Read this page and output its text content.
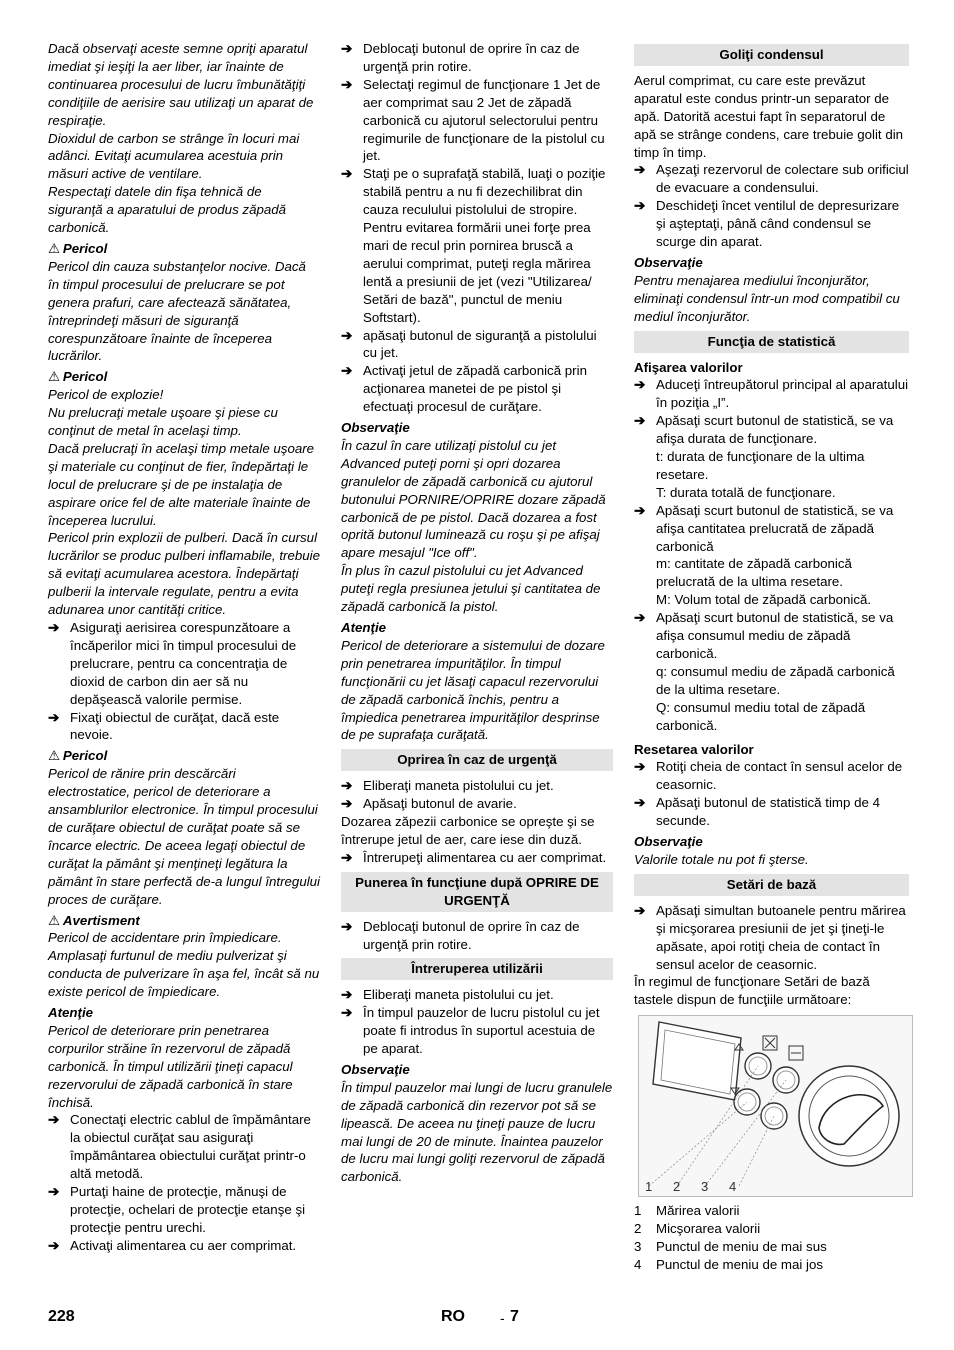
Dacă observaţi aceste semne opriţi aparatul imediat şi ieşiţi la aer liber, iar înainte de continuarea procesului de lucru îmbunătăţiţi condiţiile de aerisire sau utilizaţi un aparat de respiraţie.

Dioxidul de carbon se strânge în locuri mai adânci. Evitaţi acumularea acestuia prin măsuri active de ventilare.

Respectaţi datele din fişa tehnică de siguranţă a aparatului de produs zăpadă carbonică.

⚠ Pericol

Pericol din cauza substanţelor nocive. Dacă în timpul procesului de prelucrare se pot genera prafuri, care afectează sănătatea, întreprindeţi măsuri de siguranţă corespunzătoare înainte de începerea lucrărilor.

⚠ Pericol

Pericol de explozie!

Nu prelucraţi metale uşoare şi piese cu conţinut de metal în acelaşi timp.

Dacă prelucraţi în acelaşi timp metale uşoare şi materiale cu conţinut de fier, îndepărtaţi le locul de prelucrare şi de pe instalaţia de aspirare orice fel de alte materiale înainte de începerea lucrului.

Pericol prin explozii de pulberi. Dacă în cursul lucrărilor se produc pulberi inflamabile, trebuie să evitaţi acumularea acestora. Îndepărtaţi pulberii la intervale regulate, pentru a evita adunarea unor cantităţi critice.

➔ Asiguraţi aerisirea corespunzătoare a încăperilor mici în timpul procesului de prelucrare, pentru ca concentraţia de dioxid de carbon din aer să nu depăşească valorile permise.

➔ Fixaţi obiectul de curăţat, dacă este nevoie.

⚠ Pericol

Pericol de rănire prin descărcări electrostatice, pericol de deteriorare a ansamblurilor electronice. În timpul procesului de curăţare obiectul de curăţat poate să se încarce electric. De aceea legaţi obiectul de curăţat la pământ şi menţineţi legătura la pământ în stare perfectă de-a lungul întregului proces de curăţare.

⚠ Avertisment

Pericol de accidentare prin împiedicare. Amplasaţi furtunul de mediu pulverizat şi conducta de pulverizare în aşa fel, încât să nu existe pericol de împiedicare.

Atenţie

Pericol de deteriorare prin penetrarea corpurilor străine în rezervorul de zăpadă carbonică. În timpul utilizării ţineţi capacul rezervorului de zăpadă carbonică în stare închisă.

➔ Conectaţi electric cablul de împământare la obiectul curăţat sau asiguraţi împământarea obiectului curăţat printr-o altă metodă.

➔ Purtaţi haine de protecţie, mănuşi de protecţie, ochelari de protecţie etanşe şi protecţie pentru urechi.

➔ Activaţi alimentarea cu aer comprimat.

➔ Deblocaţi butonul de oprire în caz de urgenţă prin rotire.

➔ Selectaţi regimul de funcţionare 1 Jet de aer comprimat sau 2 Jet de zăpadă carbonică cu ajutorul selectorului pentru regimurile de funcţionare de la pistolul cu jet.

➔ Staţi pe o suprafaţă stabilă, luaţi o poziţie stabilă pentru a nu fi dezechilibrat din cauza reculului pistolului de stropire.

Pentru evitarea formării unei forţe prea mari de recul prin pornirea bruscă a aerului comprimat, puteţi regla mărirea lentă a presiunii de jet (vezi "Utilizarea/ Setări de bază", punctul de meniu Softstart).

➔ apăsaţi butonul de siguranţă a pistolului cu jet.

➔ Activaţi jetul de zăpadă carbonică prin acţionarea manetei de pe pistol şi efectuaţi procesul de curăţare.

Observaţie

În cazul în care utilizaţi pistolul cu jet Advanced puteţi porni şi opri dozarea granulelor de zăpadă carbonică cu ajutorul butonului PORNIRE/OPRIRE dozare zăpadă carbonică de pe pistol. Dacă dozarea a fost oprită butonul luminează cu roşu şi pe afişaj apare mesajul "Ice off".

În plus în cazul pistolului cu jet Advanced puteţi regla presiunea jetului şi cantitatea de zăpadă carbonică la pistol.

Atenţie

Pericol de deteriorare a sistemului de dozare prin penetrarea impurităţilor. În timpul funcţionării cu jet lăsaţi capacul rezervorului de zăpadă carbonică închis, pentru a împiedica penetrarea impurităţilor desprinse de pe suprafaţa curăţată.

Oprirea în caz de urgenţă

➔ Eliberaţi maneta pistolului cu jet.

➔ Apăsaţi butonul de avarie.

Dozarea zăpezii carbonice se opreşte şi se întrerupe jetul de aer, care iese din duză.

➔ Întrerupeţi alimentarea cu aer comprimat.

Punerea în funcţiune după OPRIRE DE URGENŢĂ

➔ Deblocaţi butonul de oprire în caz de urgenţă prin rotire.

Întreruperea utilizării

➔ Eliberaţi maneta pistolului cu jet.

➔ În timpul pauzelor de lucru pistolul cu jet poate fi introdus în suportul acestuia de pe aparat.

Observaţie

În timpul pauzelor mai lungi de lucru granulele de zăpadă carbonică din rezervor pot să se lipească. De aceea nu ţineţi pauze de lucru mai lungi de 20 de minute. Înaintea pauzelor de lucru mai lungi goliţi rezervorul de zăpadă carbonică.

Goliţi condensul

Aerul comprimat, cu care este prevăzut aparatul este condus printr-un separator de apă. Datorită acestui fapt în separatorul de apă se strânge condens, care trebuie golit din timp în timp.

➔ Aşezaţi rezervorul de colectare sub orificiul de evacuare a condensului.

➔ Deschideţi încet ventilul de depresurizare şi aşteptaţi, până când condensul se scurge din aparat.

Observaţie

Pentru menajarea mediului înconjurător, eliminaţi condensul într-un mod compatibil cu mediul înconjurător.

Funcţia de statistică

Afişarea valorilor

➔ Aduceţi întreupătorul principal al aparatului în poziţia „I”.

➔ Apăsaţi scurt butonul de statistică, se va afişa durata de funcţionare.

t: durata de funcţionare de la ultima resetare.

T: durata totală de funcţionare.

➔ Apăsaţi scurt butonul de statistică, se va afişa cantitatea prelucrată de zăpadă carbonică

m: cantitate de zăpadă carbonică prelucrată de la ultima resetare.

M: Volum total de zăpadă carbonică.

➔ Apăsaţi scurt butonul de statistică, se va afişa consumul mediu de zăpadă carbonică.

q: consumul mediu de zăpadă carbonică de la ultima resetare.

Q: consumul mediu total de zăpadă carbonică.

Resetarea valorilor

➔ Rotiţi cheia de contact în sensul acelor de ceasornic.

➔ Apăsaţi butonul de statistică timp de 4 secunde.

Observaţie

Valorile totale nu pot fi şterse.

Setări de bază

➔ Apăsaţi simultan butoanele pentru mărirea şi micşorarea presiunii de jet şi ţineţi-le apăsate, apoi rotiţi cheia de contact în sensul acelor de ceasornic.

În regimul de funcţionare Setări de bază tastele dispun de funcţiile următoare:

1 2 3 4
1	Mărirea valorii
2	Micşorarea valorii
3	Punctul de meniu de mai sus
4	Punctul de meniu de mai jos
228	RO	- 7
